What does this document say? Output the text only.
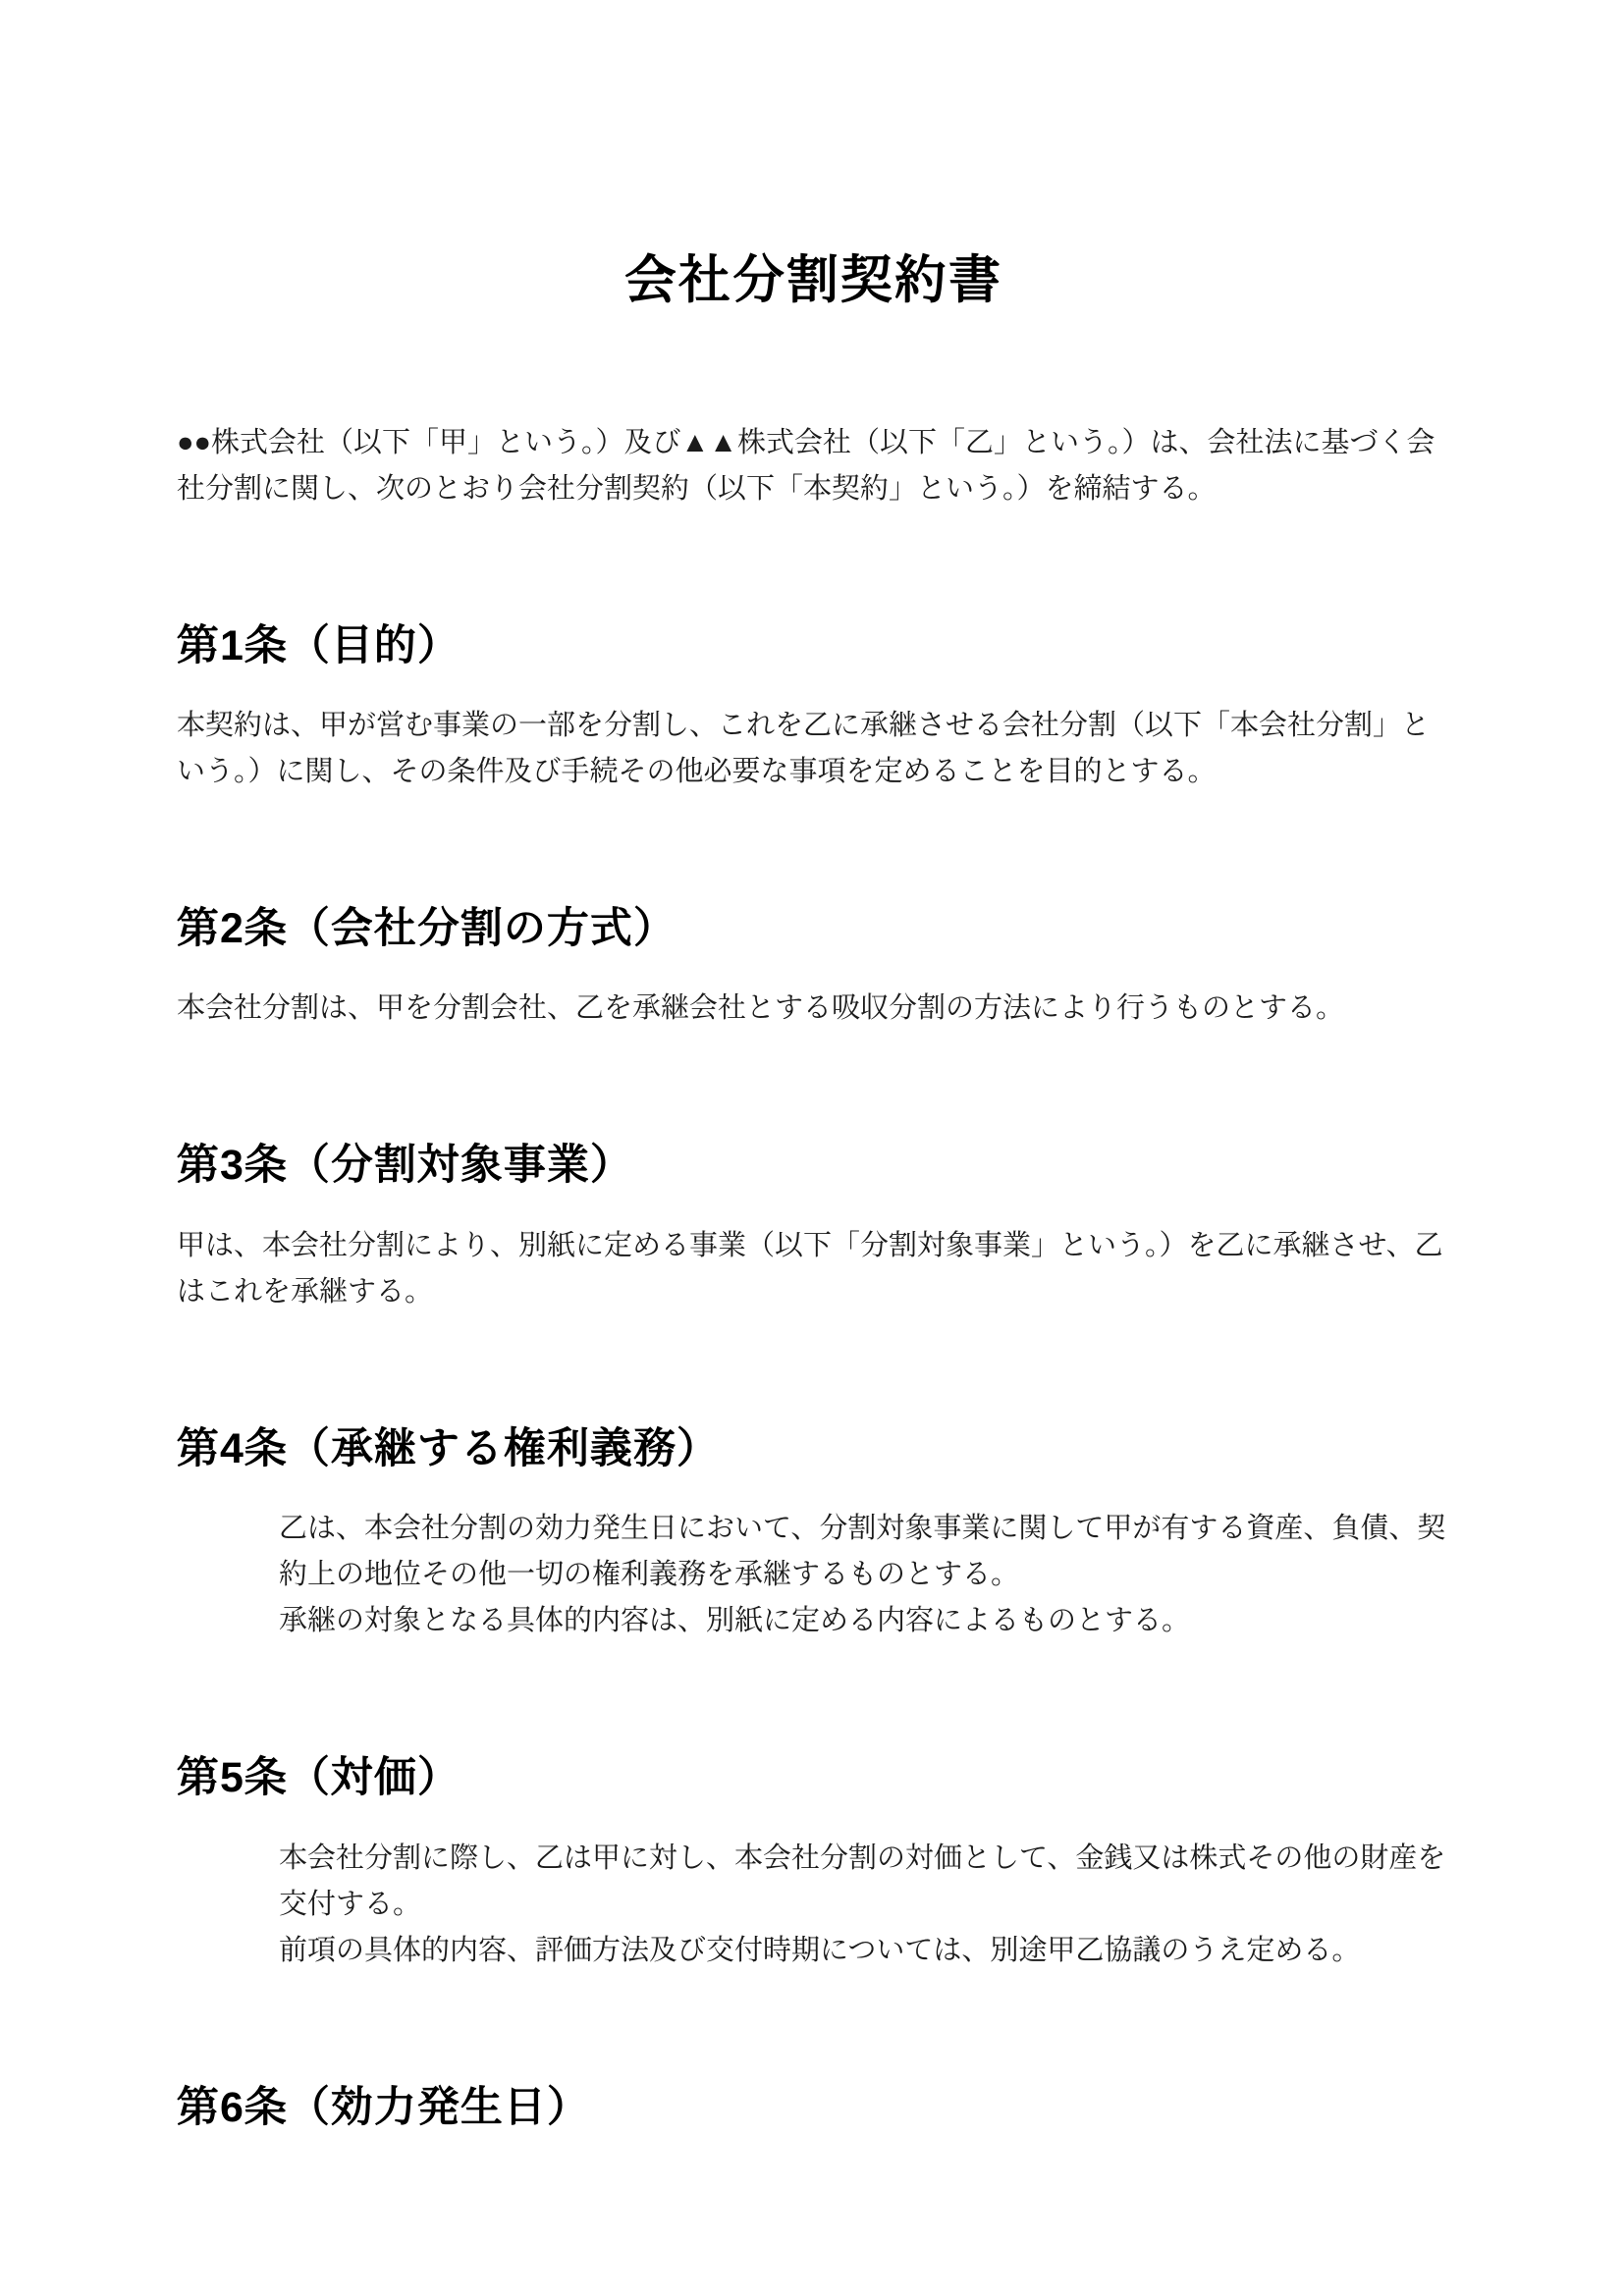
会社分割契約書

●●株式会社（以下「甲」という。）及び▲▲株式会社（以下「乙」という。）は、会社法に基づく会社分割に関し、次のとおり会社分割契約（以下「本契約」という。）を締結する。

第1条（目的）

本契約は、甲が営む事業の一部を分割し、これを乙に承継させる会社分割（以下「本会社分割」という。）に関し、その条件及び手続その他必要な事項を定めることを目的とする。

第2条（会社分割の方式）

本会社分割は、甲を分割会社、乙を承継会社とする吸収分割の方法により行うものとする。

第3条（分割対象事業）

甲は、本会社分割により、別紙に定める事業（以下「分割対象事業」という。）を乙に承継させ、乙はこれを承継する。

第4条（承継する権利義務）

乙は、本会社分割の効力発生日において、分割対象事業に関して甲が有する資産、負債、契約上の地位その他一切の権利義務を承継するものとする。

承継の対象となる具体的内容は、別紙に定める内容によるものとする。

第5条（対価）

本会社分割に際し、乙は甲に対し、本会社分割の対価として、金銭又は株式その他の財産を交付する。

前項の具体的内容、評価方法及び交付時期については、別途甲乙協議のうえ定める。

第6条（効力発生日）
